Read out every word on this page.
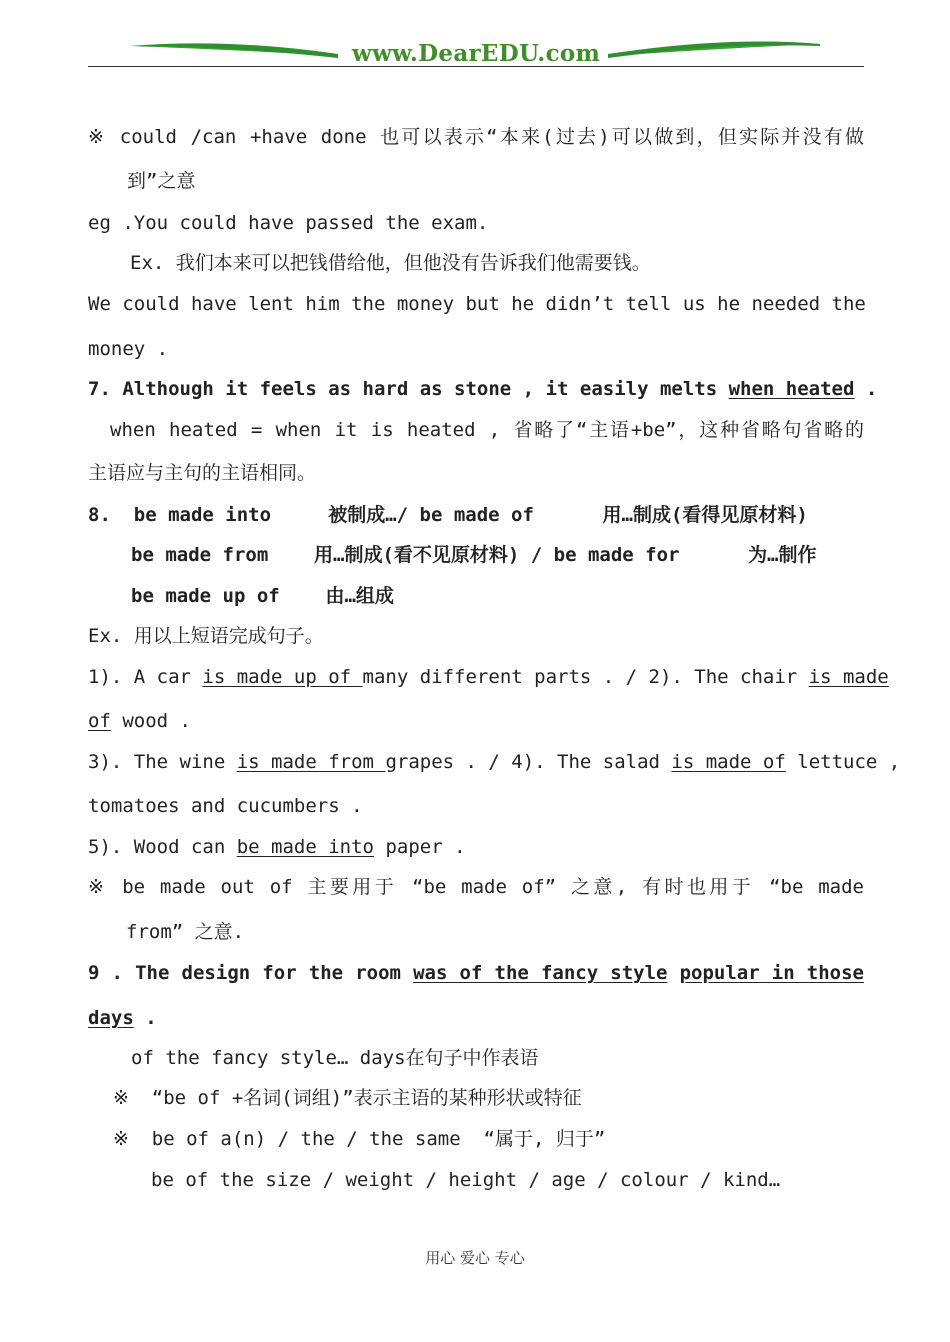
www.DearEDU.com
※ could /can +have done 也可以表示“本来(过去)可以做到，但实际并没有做
到”之意
eg .You could have passed the exam.
Ex. 我们本来可以把钱借给他，但他没有告诉我们他需要钱。
We could have lent him the money but he didn’t tell us he needed the
money .
7. Although it feels as hard as stone , it easily melts when heated .
when heated = when it is heated , 省略了“主语+be”，这种省略句省略的
主语应与主句的主语相同。
8.  be made into     被制成…/ be made of      用…制成(看得见原材料)
be made from    用…制成(看不见原材料) / be made for      为…制作
be made up of    由…组成
Ex. 用以上短语完成句子。
1). A car is made up of many different parts . / 2). The chair is made
of wood .
3). The wine is made from grapes . / 4). The salad is made of lettuce ,
tomatoes and cucumbers .
5). Wood can be made into paper .
※ be made out of 主要用于 “be made of” 之意, 有时也用于 “be made
from” 之意.
9 . The design for the room was of the fancy style popular in those
days .
of the fancy style… days在句子中作表语
※  “be of +名词(词组)”表示主语的某种形状或特征
※  be of a(n) / the / the same  “属于, 归于”
be of the size / weight / height / age / colour / kind…
用心 爱心 专心
